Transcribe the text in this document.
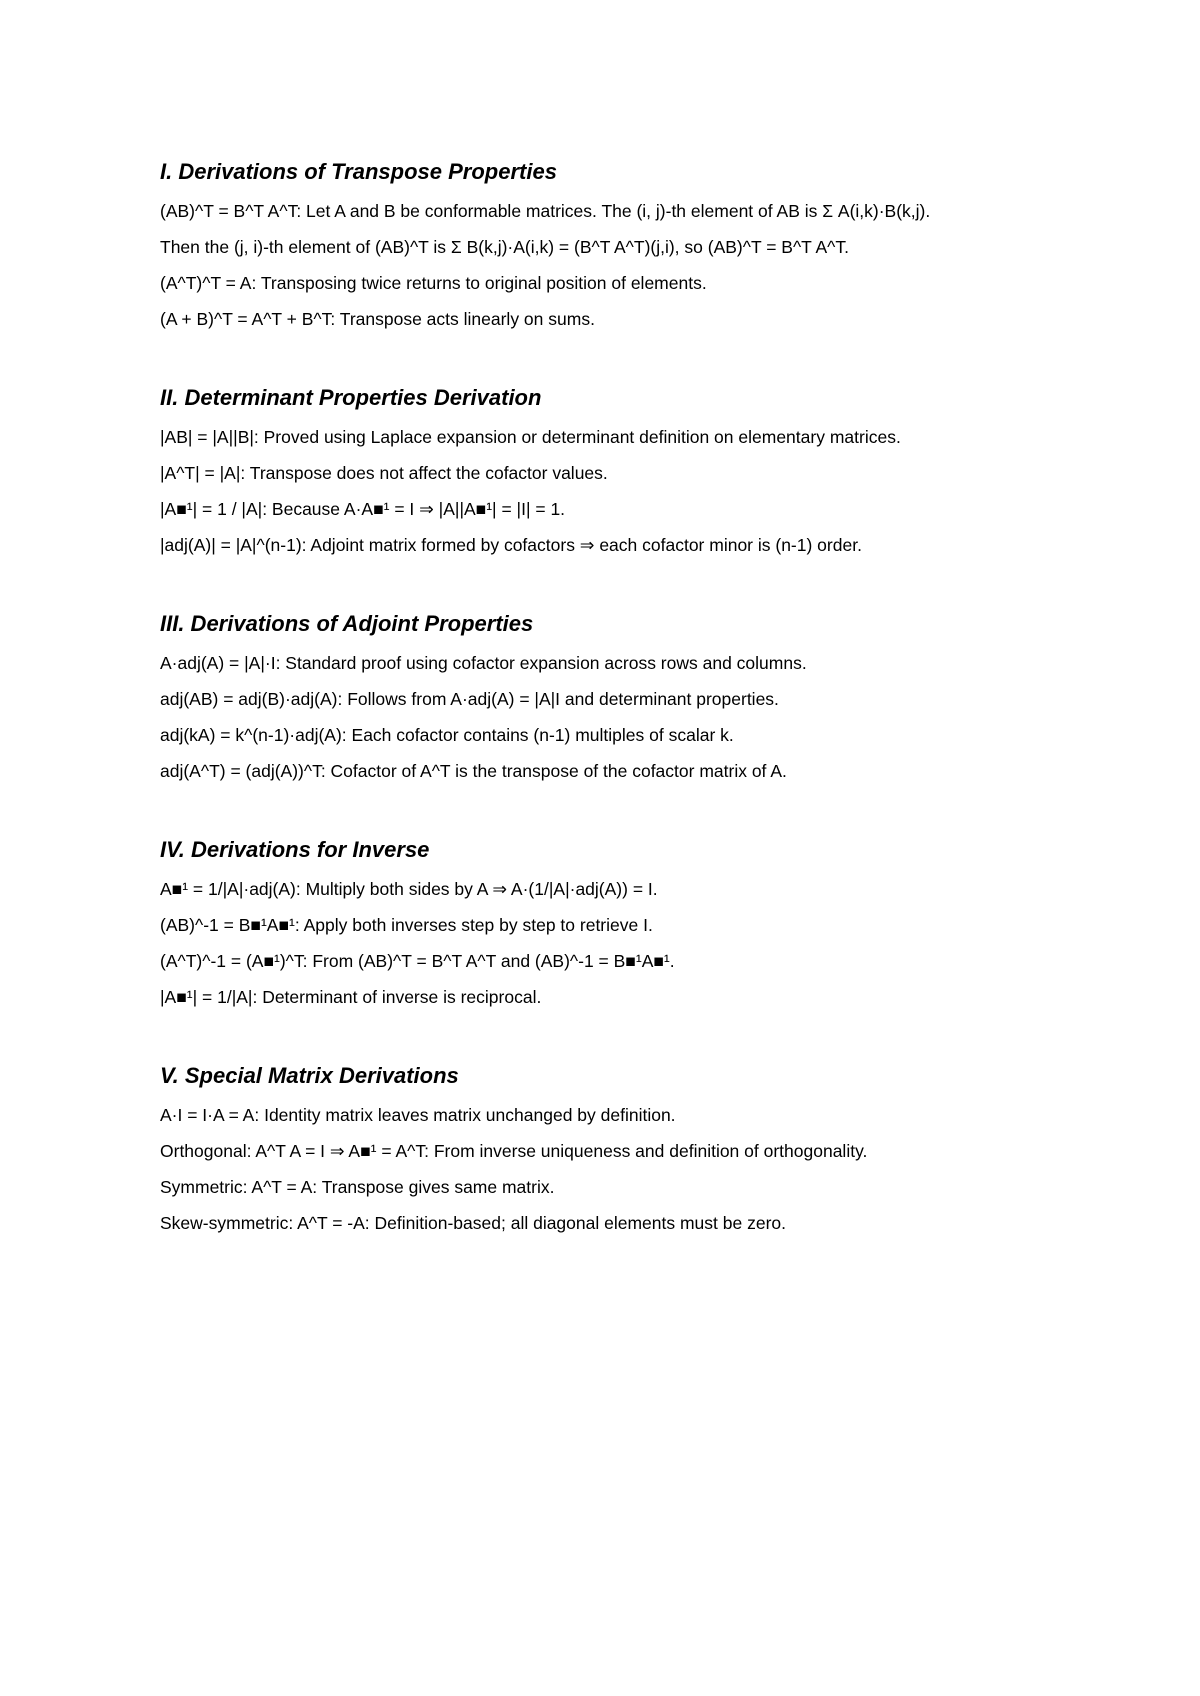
I. Derivations of Transpose Properties
(AB)^T = B^T A^T: Let A and B be conformable matrices. The (i, j)-th element of AB is Σ A(i,k)·B(k,j).
Then the (j, i)-th element of (AB)^T is Σ B(k,j)·A(i,k) = (B^T A^T)(j,i), so (AB)^T = B^T A^T.
(A^T)^T = A: Transposing twice returns to original position of elements.
(A + B)^T = A^T + B^T: Transpose acts linearly on sums.
II. Determinant Properties Derivation
|AB| = |A||B|: Proved using Laplace expansion or determinant definition on elementary matrices.
|A^T| = |A|: Transpose does not affect the cofactor values.
|A■¹| = 1 / |A|: Because A·A■¹ = I ⇒ |A||A■¹| = |I| = 1.
|adj(A)| = |A|^(n-1): Adjoint matrix formed by cofactors ⇒ each cofactor minor is (n-1) order.
III. Derivations of Adjoint Properties
A·adj(A) = |A|·I: Standard proof using cofactor expansion across rows and columns.
adj(AB) = adj(B)·adj(A): Follows from A·adj(A) = |A|I and determinant properties.
adj(kA) = k^(n-1)·adj(A): Each cofactor contains (n-1) multiples of scalar k.
adj(A^T) = (adj(A))^T: Cofactor of A^T is the transpose of the cofactor matrix of A.
IV. Derivations for Inverse
A■¹ = 1/|A|·adj(A): Multiply both sides by A ⇒ A·(1/|A|·adj(A)) = I.
(AB)^-1 = B■¹A■¹: Apply both inverses step by step to retrieve I.
(A^T)^-1 = (A■¹)^T: From (AB)^T = B^T A^T and (AB)^-1 = B■¹A■¹.
|A■¹| = 1/|A|: Determinant of inverse is reciprocal.
V. Special Matrix Derivations
A·I = I·A = A: Identity matrix leaves matrix unchanged by definition.
Orthogonal: A^T A = I ⇒ A■¹ = A^T: From inverse uniqueness and definition of orthogonality.
Symmetric: A^T = A: Transpose gives same matrix.
Skew-symmetric: A^T = -A: Definition-based; all diagonal elements must be zero.
